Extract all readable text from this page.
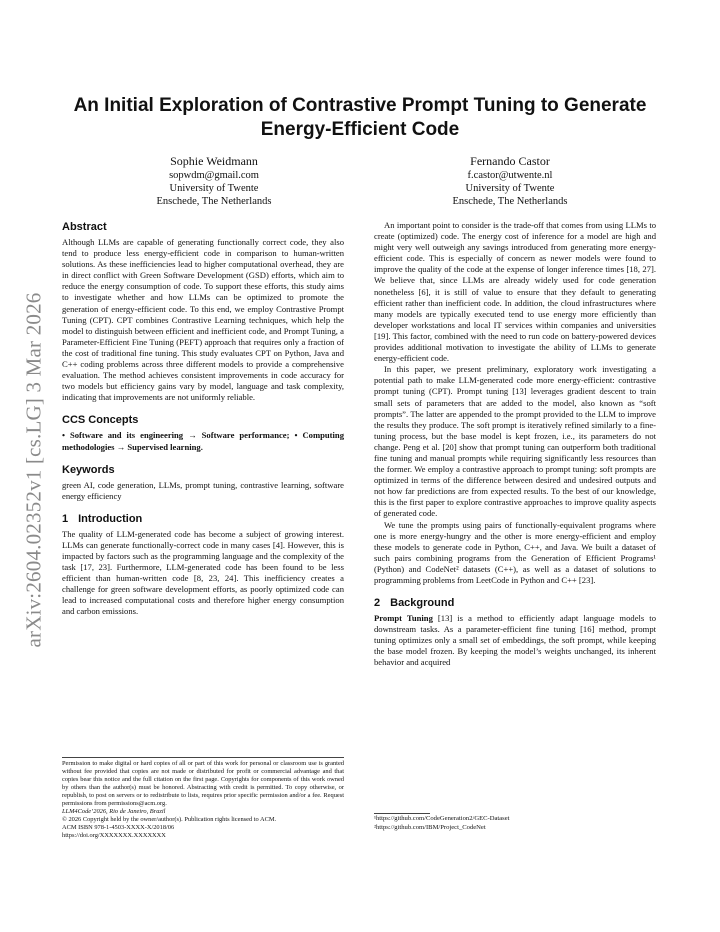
arXiv:2604.02352v1 [cs.LG] 3 Mar 2026
An Initial Exploration of Contrastive Prompt Tuning to Generate Energy-Efficient Code
Sophie Weidmann
sopwdm@gmail.com
University of Twente
Enschede, The Netherlands
Fernando Castor
f.castor@utwente.nl
University of Twente
Enschede, The Netherlands
Abstract

Although LLMs are capable of generating functionally correct code, they also tend to produce less energy-efficient code in comparison to human-written solutions. As these inefficiencies lead to higher computational overhead, they are in direct conflict with Green Software Development (GSD) efforts, which aim to reduce the energy consumption of code. To support these efforts, this study aims to investigate whether and how LLMs can be optimized to promote the generation of energy-efficient code. To this end, we employ Contrastive Prompt Tuning (CPT). CPT combines Contrastive Learning techniques, which help the model to distinguish between efficient and inefficient code, and Prompt Tuning, a Parameter-Efficient Fine Tuning (PEFT) approach that requires only a fraction of the cost of traditional fine tuning. This study evaluates CPT on Python, Java and C++ coding problems across three different models to provide a comprehensive evaluation. The method achieves consistent improvements in code accuracy for two models but efficiency gains vary by model, language and task complexity, indicating that improvements are not uniformly reliable.

CCS Concepts

• Software and its engineering → Software performance; • Computing methodologies → Supervised learning.

Keywords

green AI, code generation, LLMs, prompt tuning, contrastive learning, software energy efficiency

1 Introduction

The quality of LLM-generated code has become a subject of growing interest. LLMs can generate functionally-correct code in many cases [4]. However, this is impacted by factors such as the programming language and the complexity of the task [17, 23]. Furthermore, LLM-generated code has been found to be less efficient than human-written code [8, 23, 24]. This inefficiency creates a challenge for green software development efforts, as poorly optimized code can lead to increased computational costs and therefore higher energy consumption and carbon emissions.

Permission to make digital or hard copies of all or part of this work for personal or classroom use is granted without fee provided that copies are not made or distributed for profit or commercial advantage and that copies bear this notice and the full citation on the first page. Copyrights for components of this work owned by others than the author(s) must be honored. Abstracting with credit is permitted. To copy otherwise, or republish, to post on servers or to redistribute to lists, requires prior specific permission and/or a fee. Request permissions from permissions@acm.org.

LLM4Code’2026, Rio de Janeiro, Brazil

© 2026 Copyright held by the owner/author(s). Publication rights licensed to ACM.

ACM ISBN 978-1-4503-XXXX-X/2018/06

https://doi.org/XXXXXXX.XXXXXXX

An important point to consider is the trade-off that comes from using LLMs to create (optimized) code. The energy cost of inference for a model are high and might very well outweigh any savings introduced from generating more energy-efficient code. This is especially of concern as newer models were found to improve the quality of the code at the expense of longer inference times [18, 27]. We believe that, since LLMs are already widely used for code generation nonetheless [6], it is still of value to ensure that they default to generating efficient rather than inefficient code. In addition, the cloud infrastructures where many models are typically executed tend to use energy more efficiently than developer workstations and local IT services within companies and universities [19]. This factor, combined with the need to run code on battery-powered devices provides additional motivation to investigate the ability of LLMs to generate energy-efficient code.

In this paper, we present preliminary, exploratory work investigating a potential path to make LLM-generated code more energy-efficient: contrastive prompt tuning (CPT). Prompt tuning [13] leverages gradient descent to train small sets of parameters that are added to the model, also known as “soft prompts”. The latter are appended to the prompt provided to the LLM to improve the results they produce. The soft prompt is iteratively refined similarly to a fine-tuning process, but the base model is kept frozen, i.e., its parameters do not change. Peng et al. [20] show that prompt tuning can outperform both traditional fine tuning and manual prompts while requiring significantly less resources than the former. We employ a contrastive approach to prompt tuning: soft prompts are optimized in terms of the difference between desired and undesired outputs and not how far predictions are from expected results. To the best of our knowledge, this is the first paper to explore contrastive approaches to improve quality aspects of generated code.

We tune the prompts using pairs of functionally-equivalent programs where one is more energy-hungry and the other is more energy-efficient and employ these models to generate code in Python, C++, and Java. We built a dataset of such pairs combining programs from the Generation of Efficient Programs¹ (Python) and CodeNet² datasets (C++), as well as a dataset of solutions to programming problems from LeetCode in Python and C++ [23].

2 Background

Prompt Tuning [13] is a method to efficiently adapt language models to downstream tasks. As a parameter-efficient fine tuning [16] method, prompt tuning optimizes only a small set of embeddings, the soft prompt, while keeping the base model frozen. By keeping the model’s weights unchanged, its inherent behavior and acquired

¹https://github.com/CodeGeneration2/GEC-Dataset
²https://github.com/IBM/Project_CodeNet
